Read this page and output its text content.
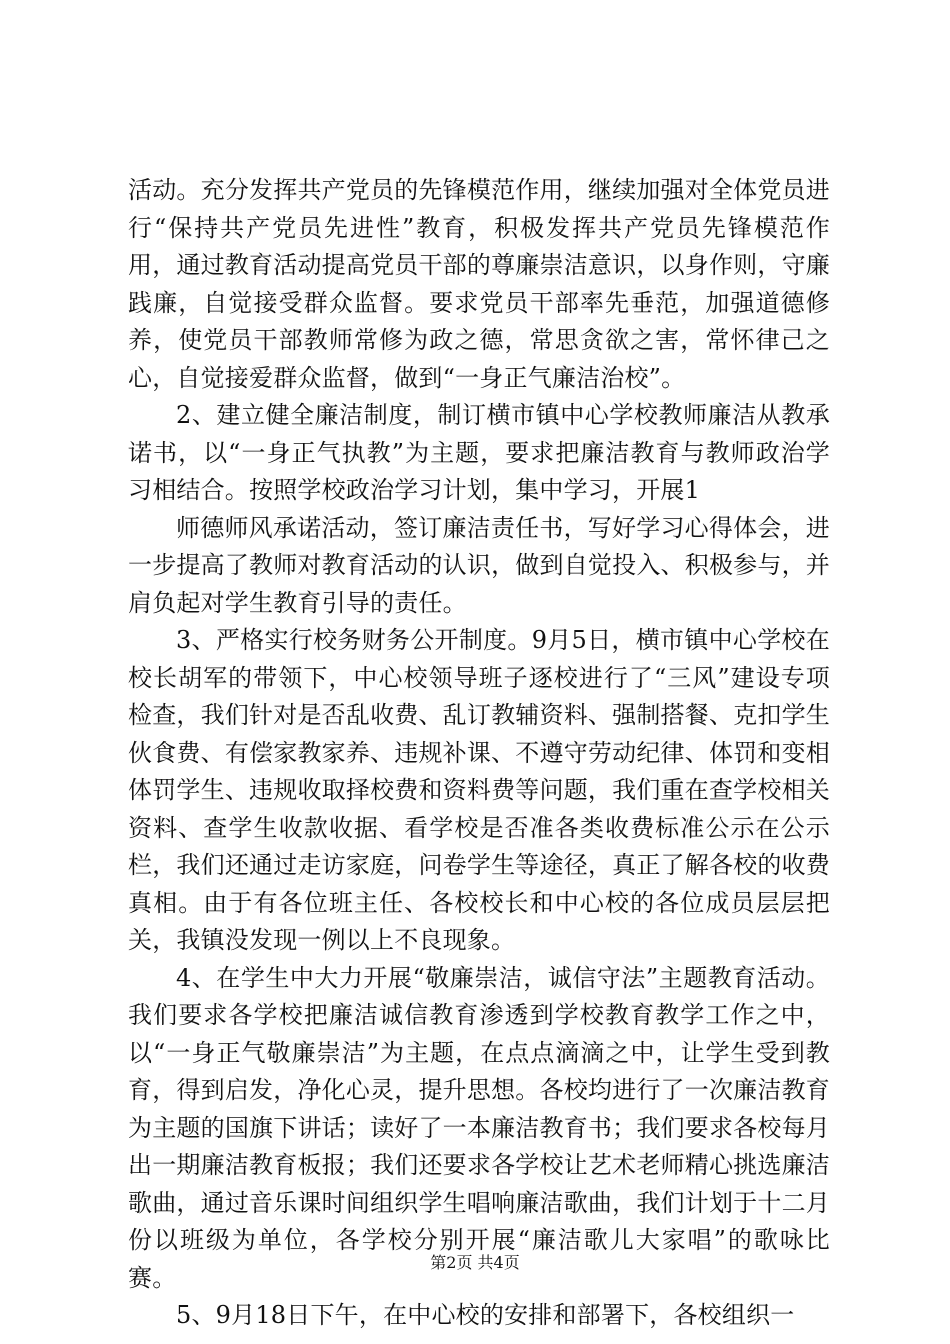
活动。充分发挥共产党员的先锋模范作用，继续加强对全体党员进行“保持共产党员先进性”教育，积极发挥共产党员先锋模范作用，通过教育活动提高党员干部的尊廉崇洁意识，以身作则，守廉践廉，自觉接受群众监督。要求党员干部率先垂范，加强道德修养，使党员干部教师常修为政之德，常思贪欲之害，常怀律己之心，自觉接爱群众监督，做到“一身正气廉洁治校”。

2、建立健全廉洁制度，制订横市镇中心学校教师廉洁从教承诺书，以“一身正气执教”为主题，要求把廉洁教育与教师政治学习相结合。按照学校政治学习计划，集中学习，开展1

师德师风承诺活动，签订廉洁责任书，写好学习心得体会，进一步提高了教师对教育活动的认识，做到自觉投入、积极参与，并肩负起对学生教育引导的责任。

3、严格实行校务财务公开制度。9月5日，横市镇中心学校在校长胡军的带领下，中心校领导班子逐校进行了“三风”建设专项检查，我们针对是否乱收费、乱订教辅资料、强制搭餐、克扣学生伙食费、有偿家教家养、违规补课、不遵守劳动纪律、体罚和变相体罚学生、违规收取择校费和资料费等问题，我们重在查学校相关资料、查学生收款收据、看学校是否准各类收费标准公示在公示栏，我们还通过走访家庭，问卷学生等途径，真正了解各校的收费真相。由于有各位班主任、各校校长和中心校的各位成员层层把关，我镇没发现一例以上不良现象。

4、在学生中大力开展“敬廉崇洁，诚信守法”主题教育活动。我们要求各学校把廉洁诚信教育渗透到学校教育教学工作之中，以“一身正气敬廉崇洁”为主题，在点点滴滴之中，让学生受到教育，得到启发，净化心灵，提升思想。各校均进行了一次廉洁教育为主题的国旗下讲话；读好了一本廉洁教育书；我们要求各校每月出一期廉洁教育板报；我们还要求各学校让艺术老师精心挑选廉洁歌曲，通过音乐课时间组织学生唱响廉洁歌曲，我们计划于十二月份以班级为单位，各学校分别开展“廉洁歌儿大家唱”的歌咏比赛。

5、9月18日下午，在中心校的安排和部署下，各校组织一

第2页 共4页
